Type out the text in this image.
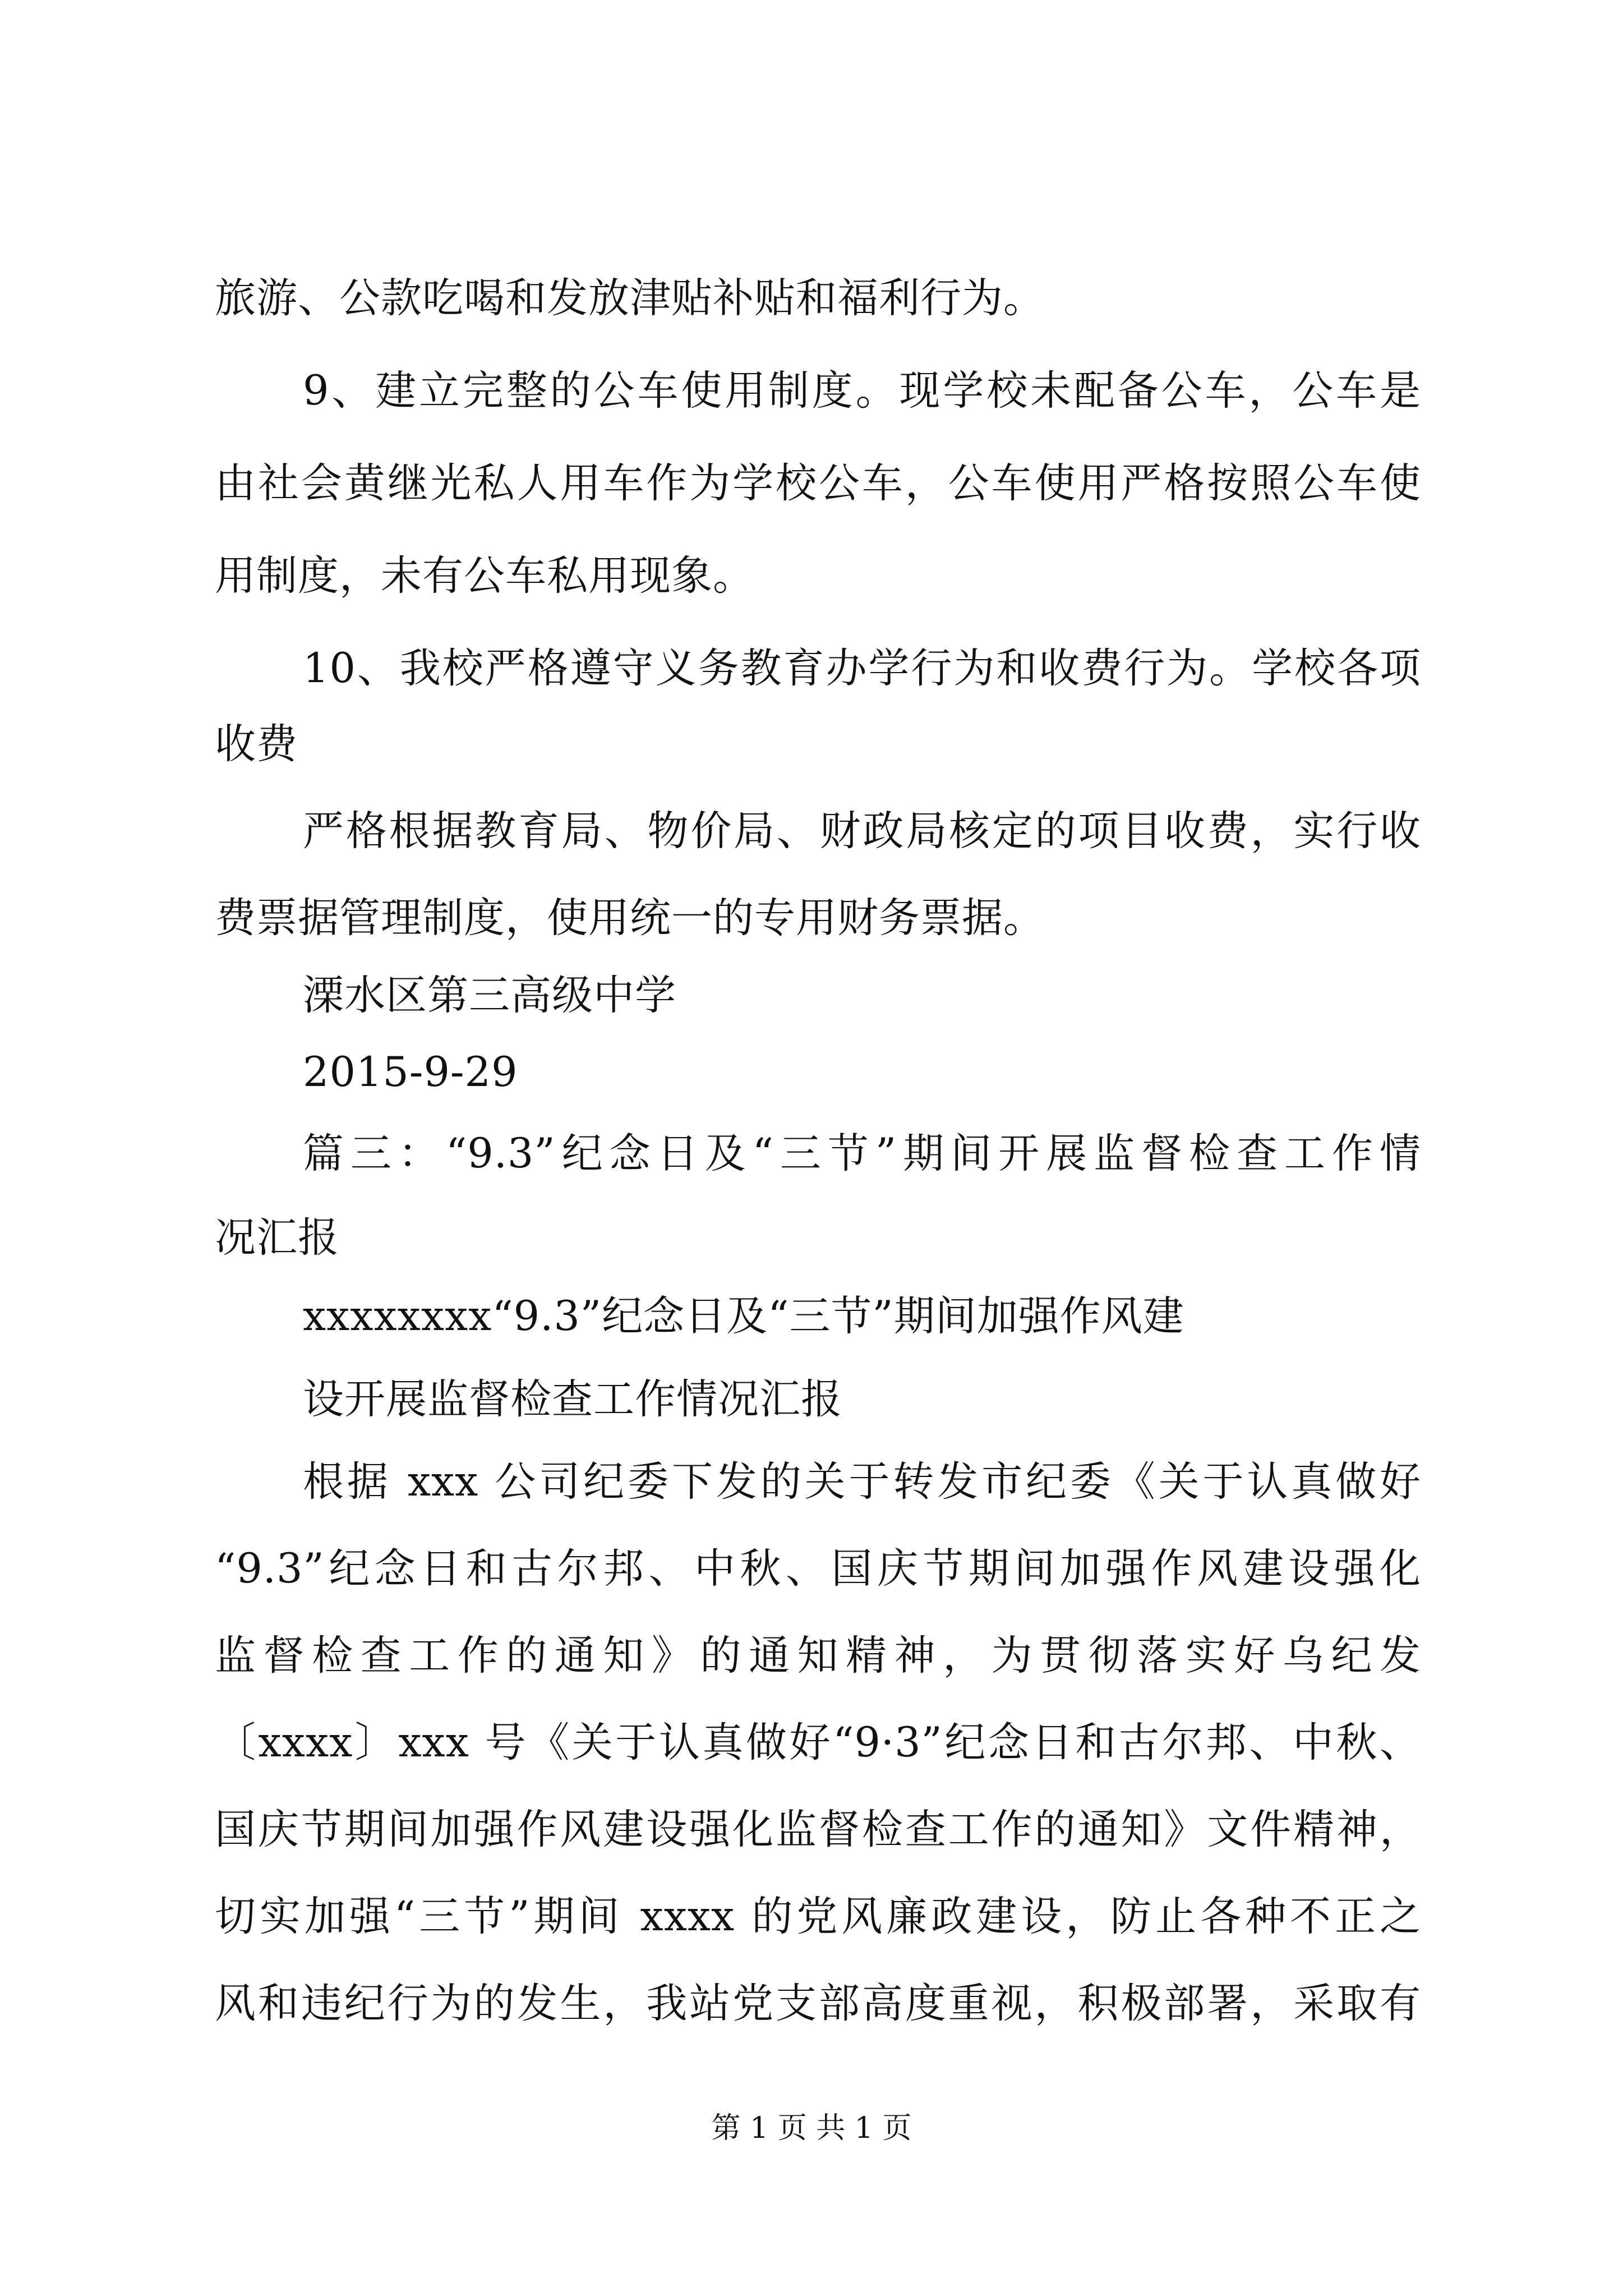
旅游、公款吃喝和发放津贴补贴和福利行为。
9、建立完整的公车使用制度。现学校未配备公车，公车是
由社会黄继光私人用车作为学校公车，公车使用严格按照公车使
用制度，未有公车私用现象。
10、我校严格遵守义务教育办学行为和收费行为。学校各项
收费
严格根据教育局、物价局、财政局核定的项目收费，实行收
费票据管理制度，使用统一的专用财务票据。
溧水区第三高级中学
2015-9-29
篇三：“9.3”纪念日及“三节”期间开展监督检查工作情
况汇报
xxxxxxxx“9.3”纪念日及“三节”期间加强作风建
设开展监督检查工作情况汇报
根据 xxx 公司纪委下发的关于转发市纪委《关于认真做好
“9.3”纪念日和古尔邦、中秋、国庆节期间加强作风建设强化
监督检查工作的通知》的通知精神，为贯彻落实好乌纪发
〔xxxx〕xxx 号《关于认真做好“9·3”纪念日和古尔邦、中秋、
国庆节期间加强作风建设强化监督检查工作的通知》文件精神，
切实加强“三节”期间 xxxx 的党风廉政建设，防止各种不正之
风和违纪行为的发生，我站党支部高度重视，积极部署，采取有
第 1 页 共 1 页
